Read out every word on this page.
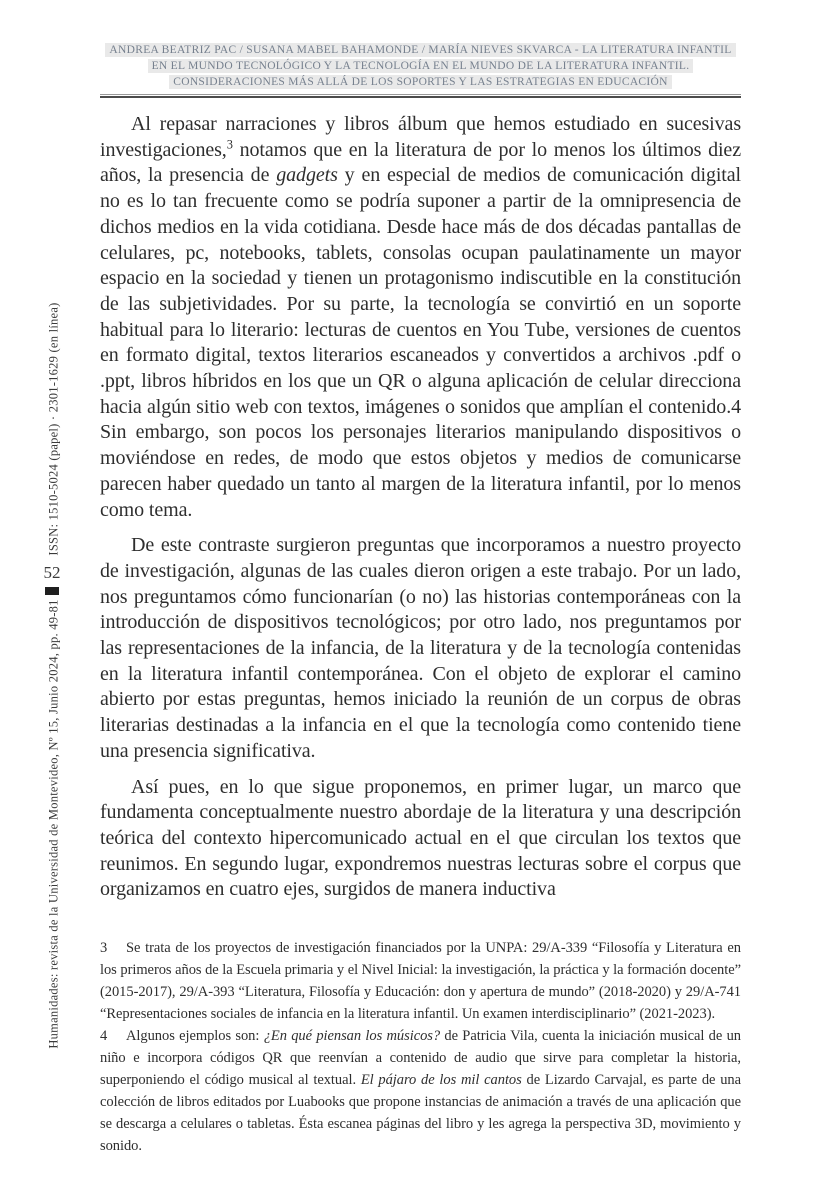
ISSN: 1510-5024 (papel) · 2301-1629 (en línea)
52
Humanidades: revista de la Universidad de Montevideo, Nº 15, Junio 2024, pp. 49-81
ANDREA BEATRIZ PAC / SUSANA MABEL BAHAMONDE / MARÍA NIEVES SKVARCA - LA LITERATURA INFANTIL
EN EL MUNDO TECNOLÓGICO Y LA TECNOLOGÍA EN EL MUNDO DE LA LITERATURA INFANTIL.
CONSIDERACIONES MÁS ALLÁ DE LOS SOPORTES Y LAS ESTRATEGIAS EN EDUCACIÓN

Al repasar narraciones y libros álbum que hemos estudiado en sucesivas investigaciones,$^3$ notamos que en la literatura de por lo menos los últimos diez años, la presencia de gadgets y en especial de medios de comunicación digital no es lo tan frecuente como se podría suponer a partir de la omnipresencia de dichos medios en la vida cotidiana. Desde hace más de dos décadas pantallas de celulares, pc, notebooks, tablets, consolas ocupan paulatinamente un mayor espacio en la sociedad y tienen un protagonismo indiscutible en la constitución de las subjetividades. Por su parte, la tecnología se convirtió en un soporte habitual para lo literario: lecturas de cuentos en You Tube, versiones de cuentos en formato digital, textos literarios escaneados y convertidos a archivos .pdf o .ppt, libros híbridos en los que un QR o alguna aplicación de celular direcciona hacia algún sitio web con textos, imágenes o sonidos que amplían el contenido.4 Sin embargo, son pocos los personajes literarios manipulando dispositivos o moviéndose en redes, de modo que estos objetos y medios de comunicarse parecen haber quedado un tanto al margen de la literatura infantil, por lo menos como tema.

De este contraste surgieron preguntas que incorporamos a nuestro proyecto de investigación, algunas de las cuales dieron origen a este trabajo. Por un lado, nos preguntamos cómo funcionarían (o no) las historias contemporáneas con la introducción de dispositivos tecnológicos; por otro lado, nos preguntamos por las representaciones de la infancia, de la literatura y de la tecnología contenidas en la literatura infantil contemporánea. Con el objeto de explorar el camino abierto por estas preguntas, hemos iniciado la reunión de un corpus de obras literarias destinadas a la infancia en el que la tecnología como contenido tiene una presencia significativa.

Así pues, en lo que sigue proponemos, en primer lugar, un marco que fundamenta conceptualmente nuestro abordaje de la literatura y una descripción teórica del contexto hipercomunicado actual en el que circulan los textos que reunimos. En segundo lugar, expondremos nuestras lecturas sobre el corpus que organizamos en cuatro ejes, surgidos de manera inductiva

3 Se trata de los proyectos de investigación financiados por la UNPA: 29/A-339 “Filosofía y Literatura en los primeros años de la Escuela primaria y el Nivel Inicial: la investigación, la práctica y la formación docente” (2015-2017), 29/A-393 “Literatura, Filosofía y Educación: don y apertura de mundo” (2018-2020) y 29/A-741 “Representaciones sociales de infancia en la literatura infantil. Un examen interdisciplinario” (2021-2023).
4 Algunos ejemplos son: ¿En qué piensan los músicos? de Patricia Vila, cuenta la iniciación musical de un niño e incorpora códigos QR que reenvían a contenido de audio que sirve para completar la historia, superponiendo el código musical al textual. El pájaro de los mil cantos de Lizardo Carvajal, es parte de una colección de libros editados por Luabooks que propone instancias de animación a través de una aplicación que se descarga a celulares o tabletas. Ésta escanea páginas del libro y les agrega la perspectiva 3D, movimiento y sonido.
